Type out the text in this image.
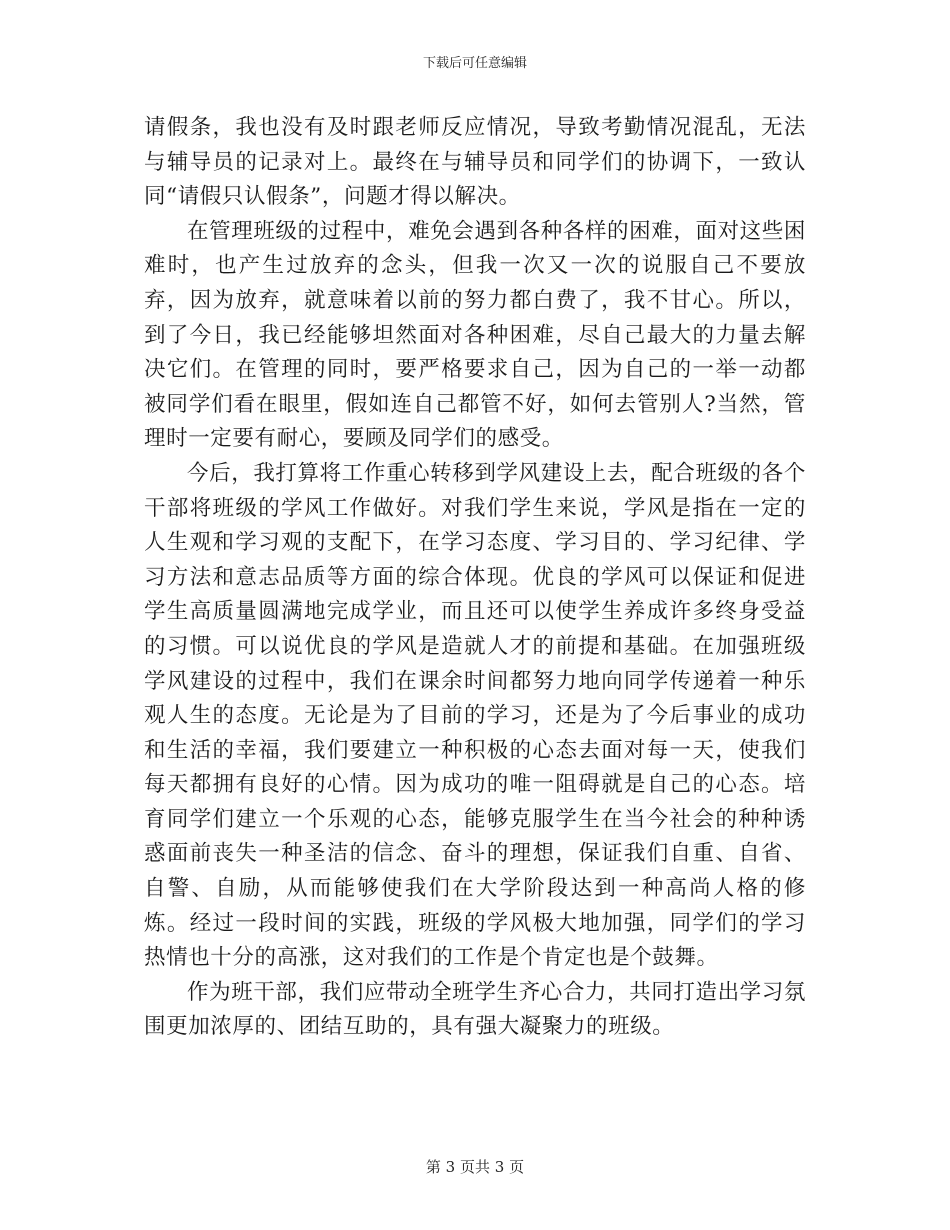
下载后可任意编辑

请假条，我也没有及时跟老师反应情况，导致考勤情况混乱，无法与辅导员的记录对上。最终在与辅导员和同学们的协调下，一致认同“请假只认假条”，问题才得以解决。

在管理班级的过程中，难免会遇到各种各样的困难，面对这些困难时，也产生过放弃的念头，但我一次又一次的说服自己不要放弃，因为放弃，就意味着以前的努力都白费了，我不甘心。所以，到了今日，我已经能够坦然面对各种困难，尽自己最大的力量去解决它们。在管理的同时，要严格要求自己，因为自己的一举一动都被同学们看在眼里，假如连自己都管不好，如何去管别人?当然，管理时一定要有耐心，要顾及同学们的感受。

今后，我打算将工作重心转移到学风建设上去，配合班级的各个干部将班级的学风工作做好。对我们学生来说，学风是指在一定的人生观和学习观的支配下，在学习态度、学习目的、学习纪律、学习方法和意志品质等方面的综合体现。优良的学风可以保证和促进学生高质量圆满地完成学业，而且还可以使学生养成许多终身受益的习惯。可以说优良的学风是造就人才的前提和基础。在加强班级学风建设的过程中，我们在课余时间都努力地向同学传递着一种乐观人生的态度。无论是为了目前的学习，还是为了今后事业的成功和生活的幸福，我们要建立一种积极的心态去面对每一天，使我们每天都拥有良好的心情。因为成功的唯一阻碍就是自己的心态。培育同学们建立一个乐观的心态，能够克服学生在当今社会的种种诱惑面前丧失一种圣洁的信念、奋斗的理想，保证我们自重、自省、自警、自励，从而能够使我们在大学阶段达到一种高尚人格的修炼。经过一段时间的实践，班级的学风极大地加强，同学们的学习热情也十分的高涨，这对我们的工作是个肯定也是个鼓舞。

作为班干部，我们应带动全班学生齐心合力，共同打造出学习氛围更加浓厚的、团结互助的，具有强大凝聚力的班级。

第 3 页共 3 页
